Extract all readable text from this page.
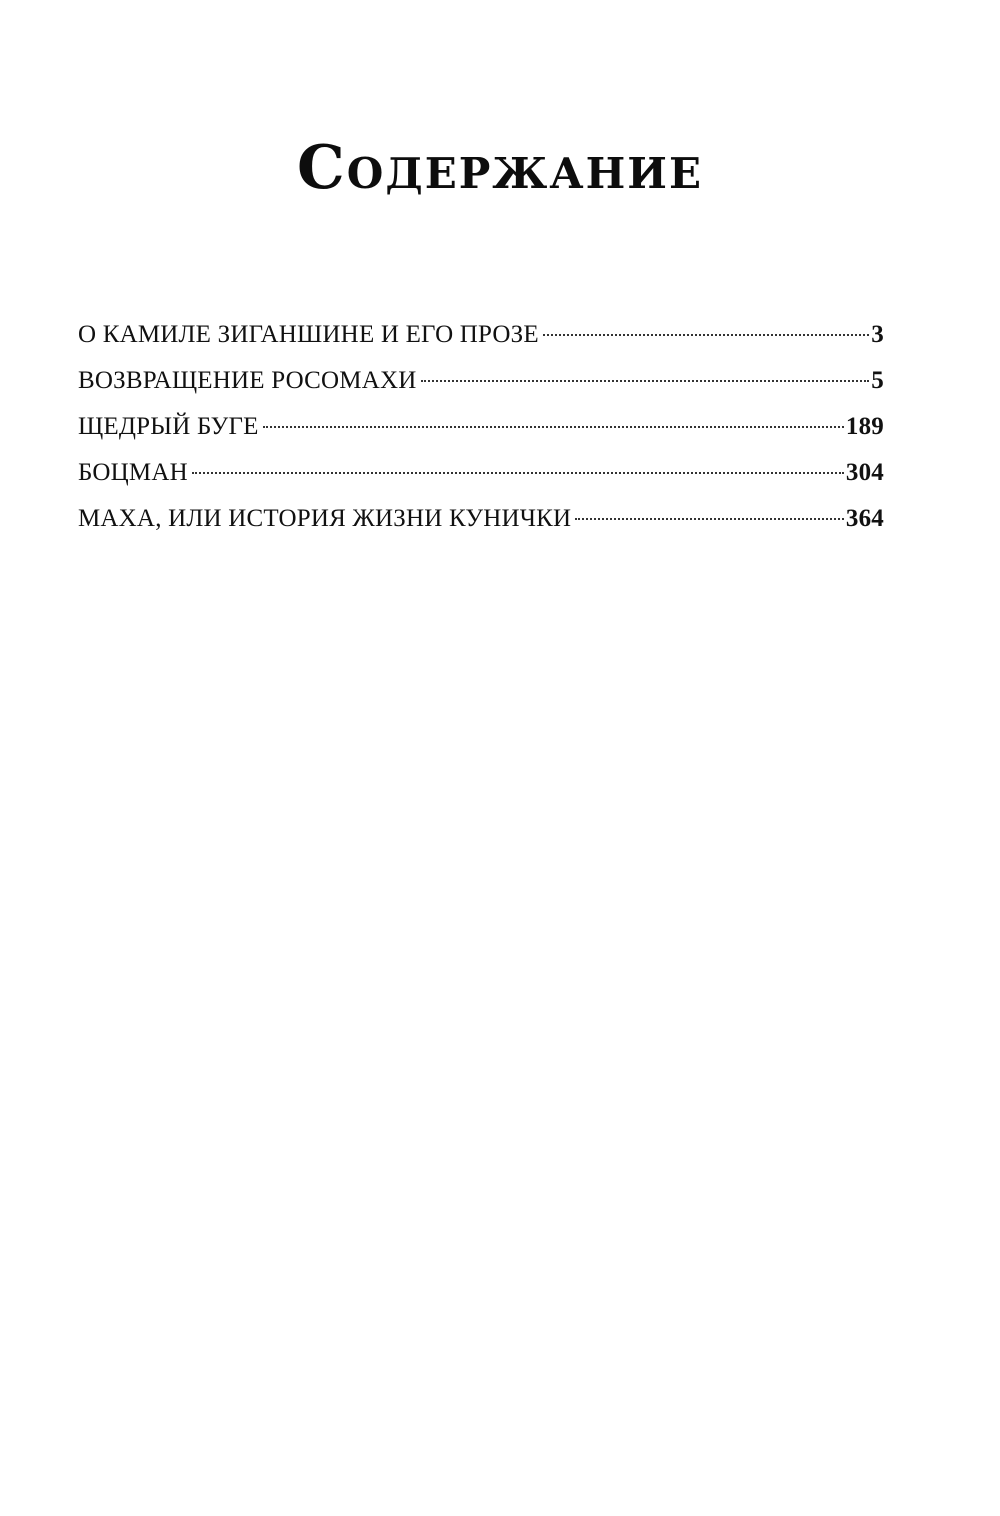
Содержание
О КАМИЛЕ ЗИГАНШИНЕ И ЕГО ПРОЗЕ	3
ВОЗВРАЩЕНИЕ РОСОМАХИ	5
ЩЕДРЫЙ БУГЕ	189
БОЦМАН	304
МАХА, ИЛИ ИСТОРИЯ ЖИЗНИ КУНИЧКИ	364
